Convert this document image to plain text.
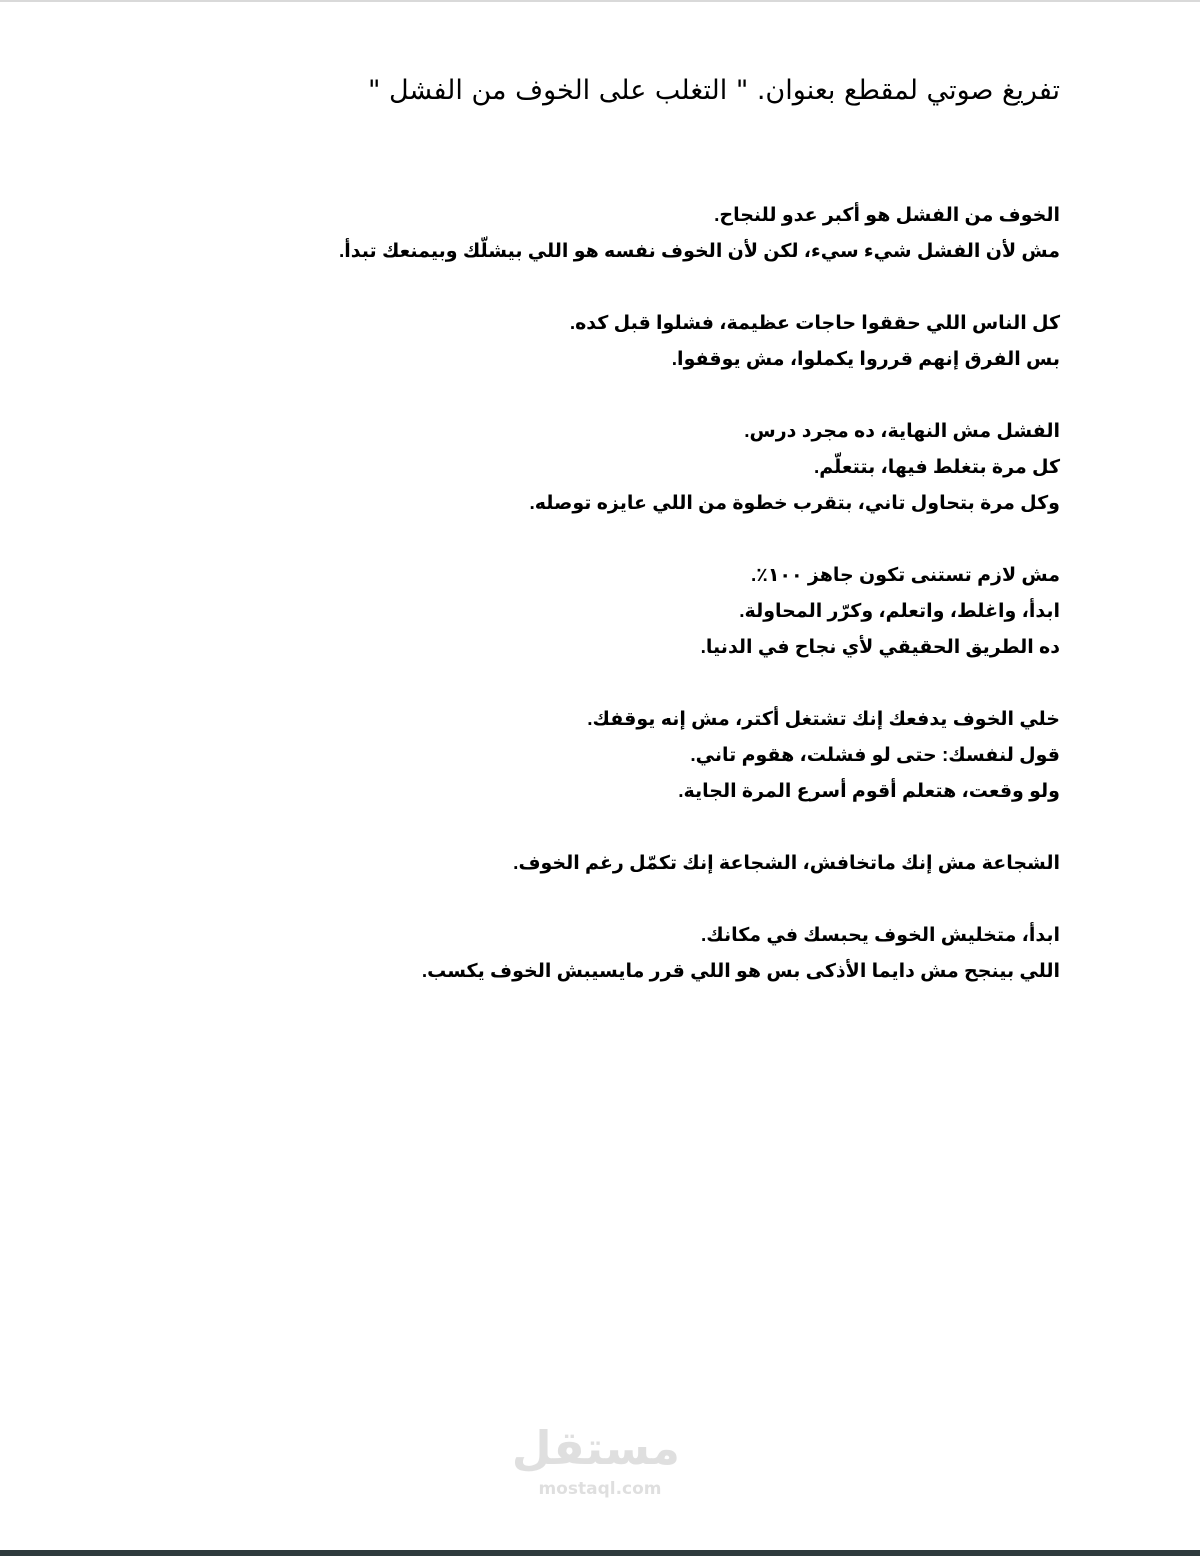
تفريغ صوتي لمقطع بعنوان. " التغلب على الخوف من الفشل "
الخوف من الفشل هو أكبر عدو للنجاح.
مش لأن الفشل شيء سيء، لكن لأن الخوف نفسه هو اللي بيشلّك وبيمنعك تبدأ.
كل الناس اللي حققوا حاجات عظيمة، فشلوا قبل كده.
بس الفرق إنهم قرروا يكملوا، مش يوقفوا.
الفشل مش النهاية، ده مجرد درس.
كل مرة بتغلط فيها، بتتعلّم.
وكل مرة بتحاول تاني، بتقرب خطوة من اللي عايزه توصله.
مش لازم تستنى تكون جاهز ١٠٠٪.
ابدأ، واغلط، واتعلم، وكرّر المحاولة.
ده الطريق الحقيقي لأي نجاح في الدنيا.
خلي الخوف يدفعك إنك تشتغل أكتر، مش إنه يوقفك.
قول لنفسك: حتى لو فشلت، هقوم تاني.
ولو وقعت، هتعلم أقوم أسرع المرة الجاية.
الشجاعة مش إنك ماتخافش، الشجاعة إنك تكمّل رغم الخوف.
ابدأ، متخليش الخوف يحبسك في مكانك.
اللي بينجح مش دايما الأذكى بس هو اللي قرر مايسيبش الخوف يكسب.
مستقل
mostaql.com
